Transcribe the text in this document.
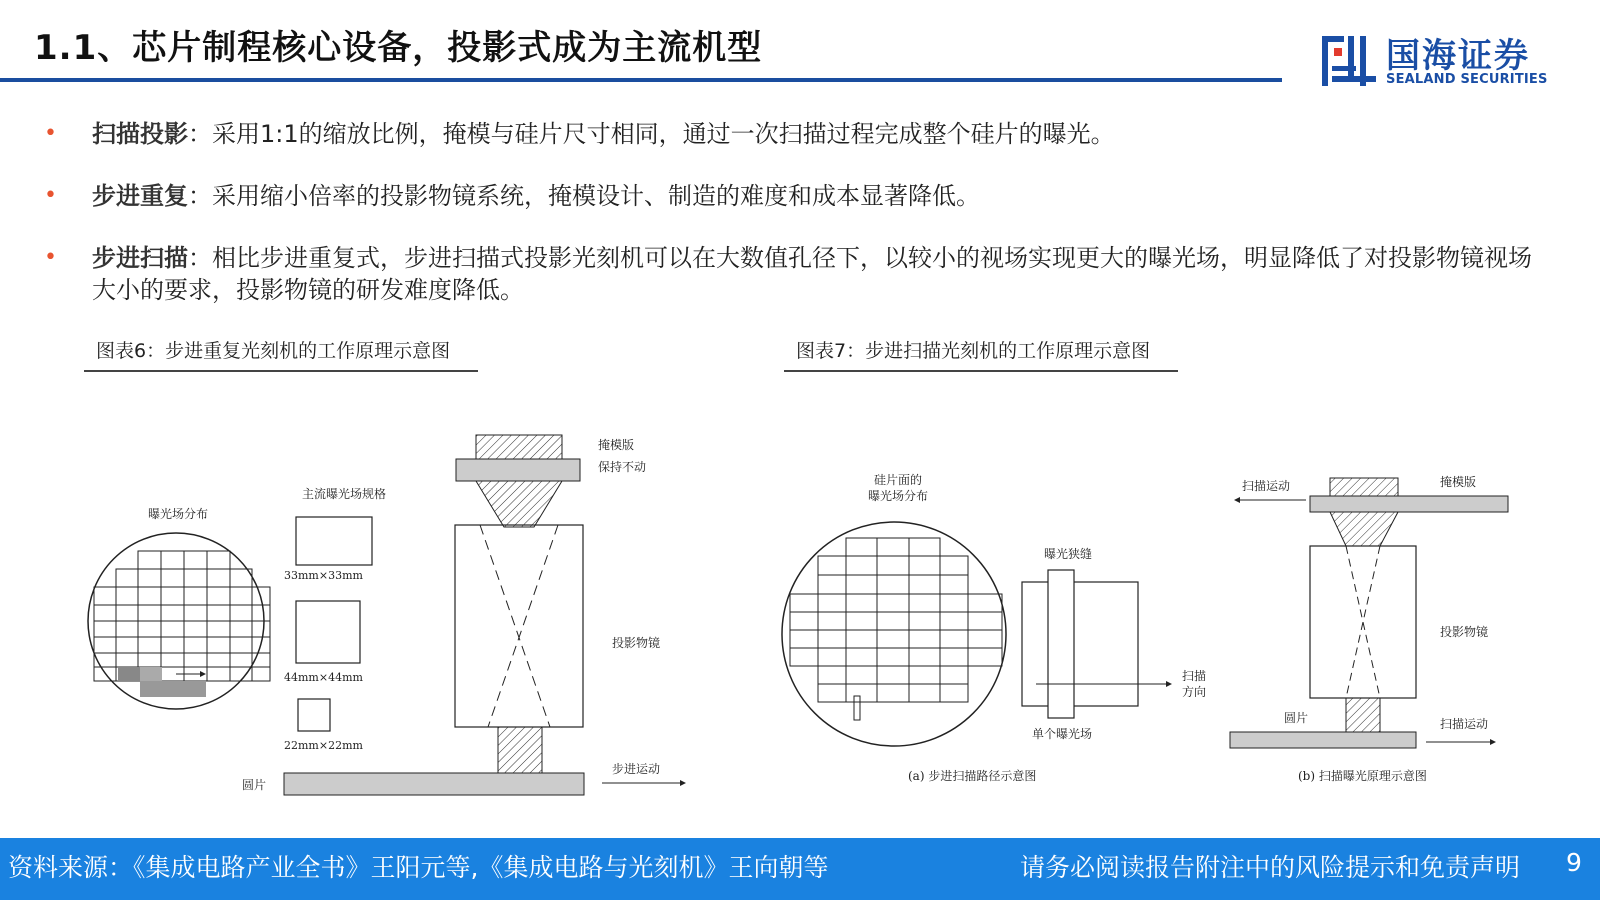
1.1、芯片制程核心设备，投影式成为主流机型	国海证券
SEALAND SECURITIES
• 扫描投影：采用1:1的缩放比例，掩模与硅片尺寸相同，通过一次扫描过程完成整个硅片的曝光。
• 步进重复：采用缩小倍率的投影物镜系统，掩模设计、制造的难度和成本显著降低。
• 步进扫描：相比步进重复式，步进扫描式投影光刻机可以在大数值孔径下，以较小的视场实现更大的曝光场，明显降低了对投影物镜视场大小的要求，投影物镜的研发难度降低。
图表6：步进重复光刻机的工作原理示意图	图表7：步进扫描光刻机的工作原理示意图
曝光场分布
主流曝光场规格
33mm×33mm
44mm×44mm
22mm×22mm
掩模版
保持不动
投影物镜
圆片
步进运动
硅片面的
曝光场分布
曝光狭缝
单个曝光场
扫描
方向
(a) 步进扫描路径示意图
扫描运动	掩模版
投影物镜
圆片	扫描运动
(b) 扫描曝光原理示意图
资料来源：《集成电路产业全书》王阳元等,《集成电路与光刻机》王向朝等	请务必阅读报告附注中的风险提示和免责声明 9
